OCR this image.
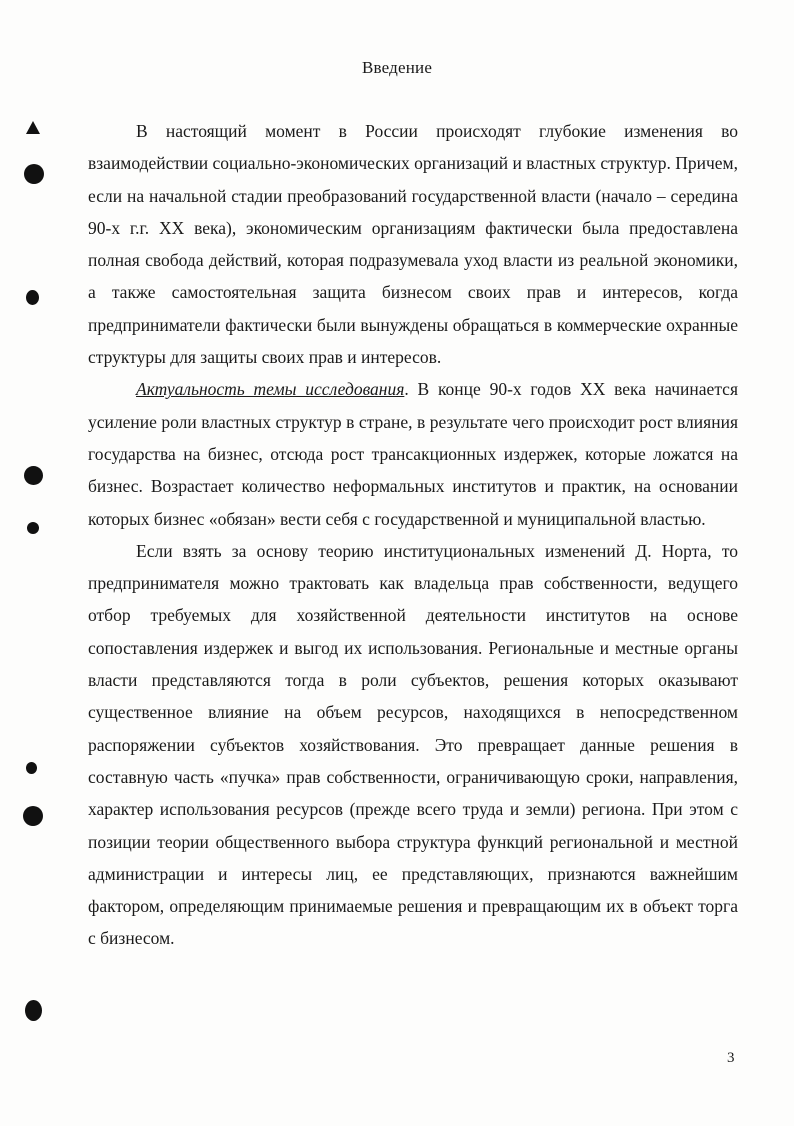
Введение

В настоящий момент в России происходят глубокие изменения во взаимодействии социально-экономических организаций и властных структур. Причем, если на начальной стадии преобразований государственной власти (начало – середина 90-х г.г. XX века), экономическим организациям фактически была предоставлена полная свобода действий, которая подразумевала уход власти из реальной экономики, а также самостоятельная защита бизнесом своих прав и интересов, когда предприниматели фактически были вынуждены обращаться в коммерческие охранные структуры для защиты своих прав и интересов.

Актуальность темы исследования. В конце 90-х годов XX века начинается усиление роли властных структур в стране, в результате чего происходит рост влияния государства на бизнес, отсюда рост трансакционных издержек, которые ложатся на бизнес. Возрастает количество неформальных институтов и практик, на основании которых бизнес «обязан» вести себя с государственной и муниципальной властью.

Если взять за основу теорию институциональных изменений Д. Норта, то предпринимателя можно трактовать как владельца прав собственности, ведущего отбор требуемых для хозяйственной деятельности институтов на основе сопоставления издержек и выгод их использования. Региональные и местные органы власти представляются тогда в роли субъектов, решения которых оказывают существенное влияние на объем ресурсов, находящихся в непосредственном распоряжении субъектов хозяйствования. Это превращает данные решения в составную часть «пучка» прав собственности, ограничивающую сроки, направления, характер использования ресурсов (прежде всего труда и земли) региона. При этом с позиции теории общественного выбора структура функций региональной и местной администрации и интересы лиц, ее представляющих, признаются важнейшим фактором, определяющим принимаемые решения и превращающим их в объект торга с бизнесом.

3
